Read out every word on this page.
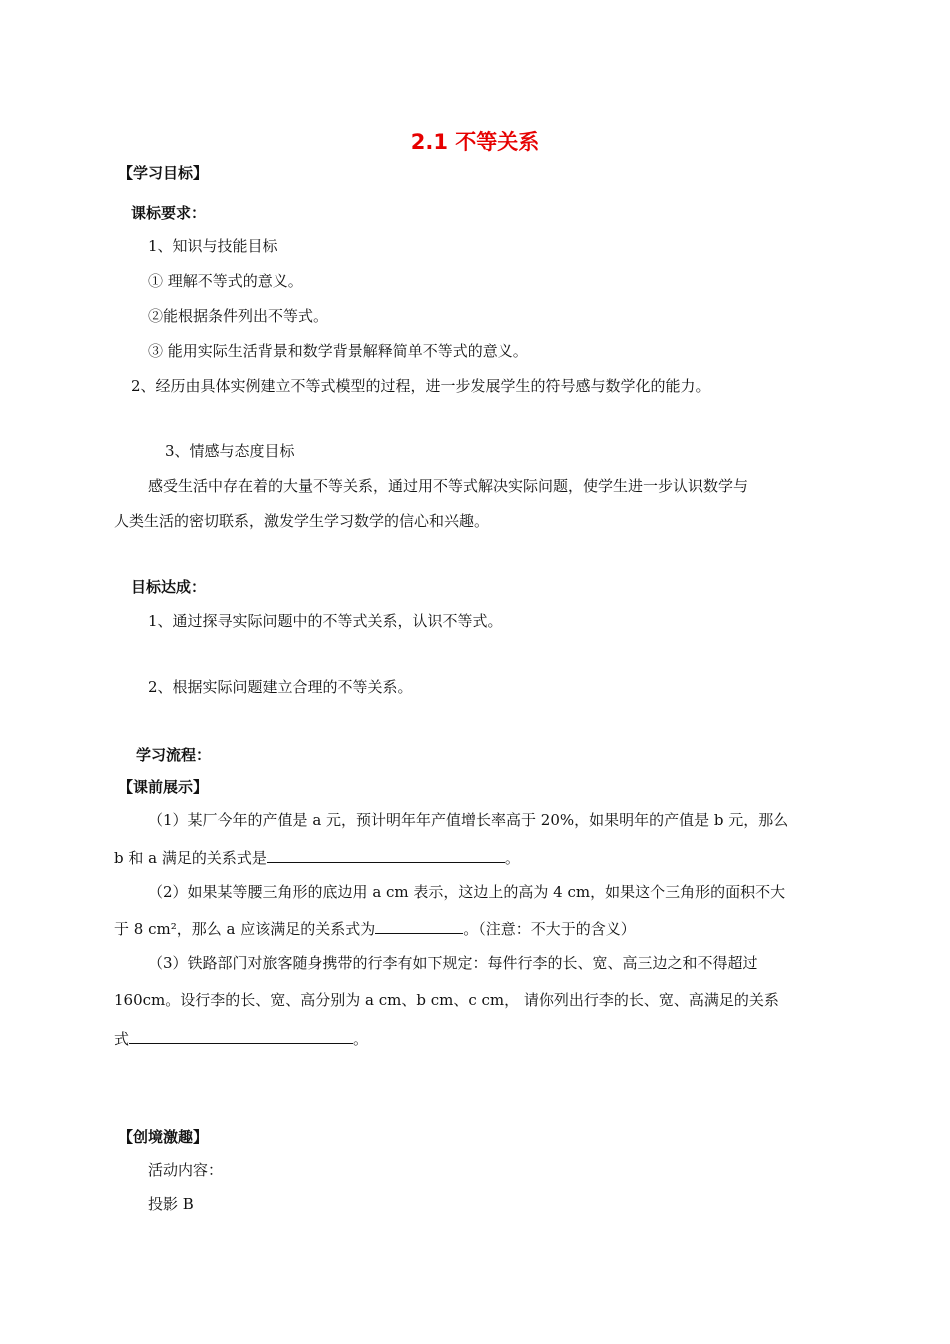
2.1 不等关系
【学习目标】
课标要求：
1、知识与技能目标
① 理解不等式的意义。
②能根据条件列出不等式。
③ 能用实际生活背景和数学背景解释简单不等式的意义。
2、经历由具体实例建立不等式模型的过程，进一步发展学生的符号感与数学化的能力。
3、情感与态度目标
感受生活中存在着的大量不等关系，通过用不等式解决实际问题，使学生进一步认识数学与
人类生活的密切联系，激发学生学习数学的信心和兴趣。
目标达成：
1、通过探寻实际问题中的不等式关系，认识不等式。
2、根据实际问题建立合理的不等关系。
学习流程：
【课前展示】
（1）某厂今年的产值是 a 元，预计明年年产值增长率高于 20%，如果明年的产值是 b 元，那么
b 和 a 满足的关系式是	。
（2）如果某等腰三角形的底边用 a cm 表示，这边上的高为 4 cm，如果这个三角形的面积不大
于 8 cm²，那么 a 应该满足的关系式为	。（注意：不大于的含义）
（3）铁路部门对旅客随身携带的行李有如下规定：每件行李的长、宽、高三边之和不得超过
160cm。设行李的长、宽、高分别为 a cm、b cm、c cm， 请你列出行李的长、宽、高满足的关系
式	。
【创境激趣】
活动内容：
投影 B
